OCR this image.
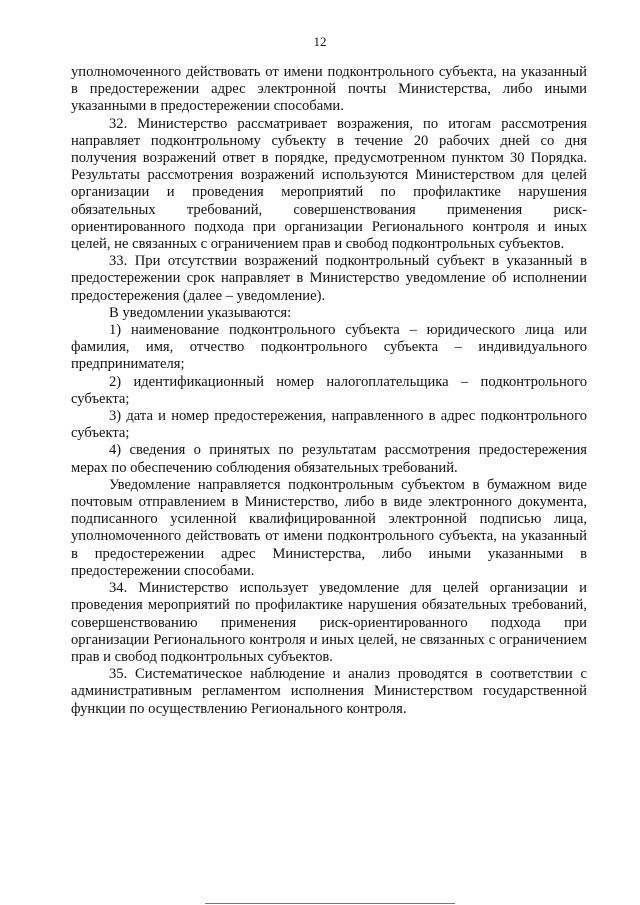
12

уполномоченного действовать от имени подконтрольного субъекта, на указанный в предостережении адрес электронной почты Министерства, либо иными указанными в предостережении способами.

32. Министерство рассматривает возражения, по итогам рассмотрения направляет подконтрольному субъекту в течение 20 рабочих дней со дня получения возражений ответ в порядке, предусмотренном пунктом 30 Порядка. Результаты рассмотрения возражений используются Министерством для целей организации и проведения мероприятий по профилактике нарушения обязательных требований, совершенствования применения риск-ориентированного подхода при организации Регионального контроля и иных целей, не связанных с ограничением прав и свобод подконтрольных субъектов.

33. При отсутствии возражений подконтрольный субъект в указанный в предостережении срок направляет в Министерство уведомление об исполнении предостережения (далее – уведомление).

В уведомлении указываются:

1) наименование подконтрольного субъекта – юридического лица или фамилия, имя, отчество подконтрольного субъекта – индивидуального предпринимателя;

2) идентификационный номер налогоплательщика – подконтрольного субъекта;

3) дата и номер предостережения, направленного в адрес подконтрольного субъекта;

4) сведения о принятых по результатам рассмотрения предостережения мерах по обеспечению соблюдения обязательных требований.

Уведомление направляется подконтрольным субъектом в бумажном виде почтовым отправлением в Министерство, либо в виде электронного документа, подписанного усиленной квалифицированной электронной подписью лица, уполномоченного действовать от имени подконтрольного субъекта, на указанный в предостережении адрес Министерства, либо иными указанными в предостережении способами.

34. Министерство использует уведомление для целей организации и проведения мероприятий по профилактике нарушения обязательных требований, совершенствованию применения риск-ориентированного подхода при организации Регионального контроля и иных целей, не связанных с ограничением прав и свобод подконтрольных субъектов.

35. Систематическое наблюдение и анализ проводятся в соответствии с административным регламентом исполнения Министерством государственной функции по осуществлению Регионального контроля.
